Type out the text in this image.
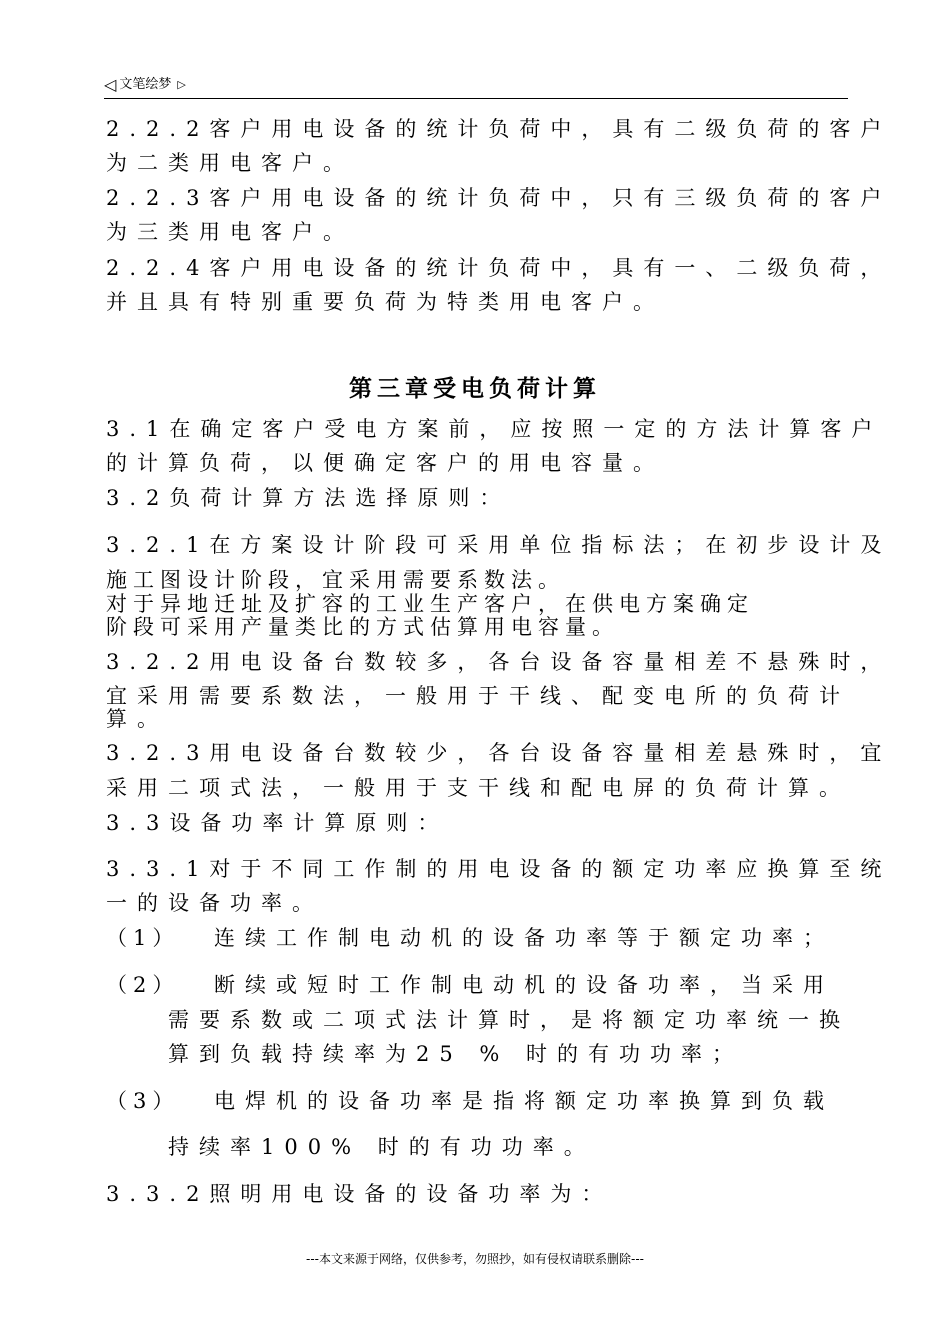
◁ 文笔绘梦 ▷
2.2.2客户用电设备的统计负荷中，具有二级负荷的客户
为二类用电客户。
2.2.3客户用电设备的统计负荷中，只有三级负荷的客户
为三类用电客户。
2.2.4客户用电设备的统计负荷中，具有一、二级负荷，
并且具有特别重要负荷为特类用电客户。
第三章受电负荷计算
3.1在确定客户受电方案前，应按照一定的方法计算客户
的计算负荷，以便确定客户的用电容量。
3.2负荷计算方法选择原则：
3.2.1在方案设计阶段可采用单位指标法；在初步设计及
施工图设计阶段，宜采用需要系数法。
对于异地迁址及扩容的工业生产客户，在供电方案确定
阶段可采用产量类比的方式估算用电容量。
3.2.2用电设备台数较多，各台设备容量相差不悬殊时，
宜采用需要系数法，一般用于干线、配变电所的负荷计
算。
3.2.3用电设备台数较少，各台设备容量相差悬殊时，宜
采用二项式法，一般用于支干线和配电屏的负荷计算。
3.3设备功率计算原则：
3.3.1对于不同工作制的用电设备的额定功率应换算至统
一的设备功率。
（1） 连续工作制电动机的设备功率等于额定功率；
（2） 断续或短时工作制电动机的设备功率，当采用
需要系数或二项式法计算时，是将额定功率统一换
算到负载持续率为25 % 时的有功功率；
（3） 电焊机的设备功率是指将额定功率换算到负载
持续率100% 时的有功功率。
3.3.2照明用电设备的设备功率为：
---本文来源于网络，仅供参考，勿照抄，如有侵权请联系删除---
